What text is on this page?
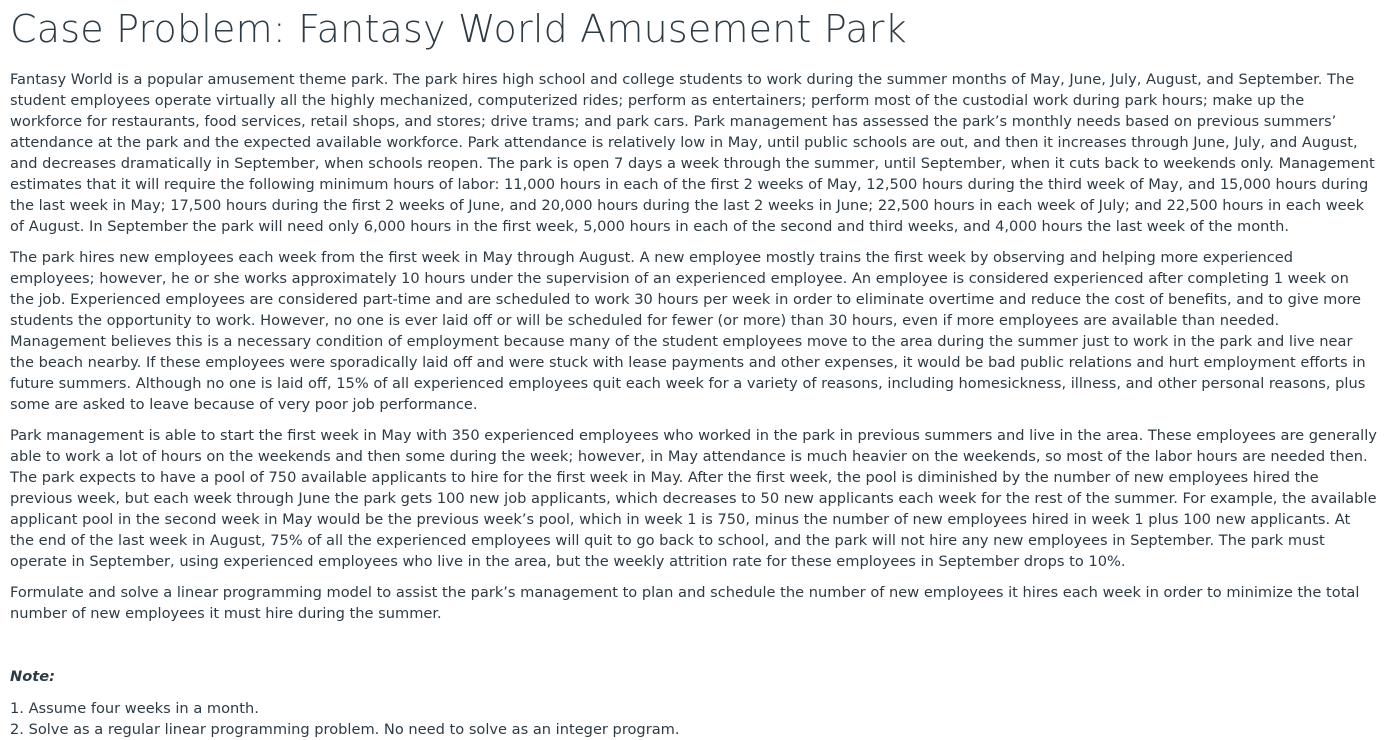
Case Problem: Fantasy World Amusement Park

Fantasy World is a popular amusement theme park. The park hires high school and college students to work during the summer months of May, June, July, August, and September. The student employees operate virtually all the highly mechanized, computerized rides; perform as entertainers; perform most of the custodial work during park hours; make up the workforce for restaurants, food services, retail shops, and stores; drive trams; and park cars. Park management has assessed the park’s monthly needs based on previous summers’ attendance at the park and the expected available workforce. Park attendance is relatively low in May, until public schools are out, and then it increases through June, July, and August, and decreases dramatically in September, when schools reopen. The park is open 7 days a week through the summer, until September, when it cuts back to weekends only. Management estimates that it will require the following minimum hours of labor: 11,000 hours in each of the first 2 weeks of May, 12,500 hours during the third week of May, and 15,000 hours during the last week in May; 17,500 hours during the first 2 weeks of June, and 20,000 hours during the last 2 weeks in June; 22,500 hours in each week of July; and 22,500 hours in each week of August. In September the park will need only 6,000 hours in the first week, 5,000 hours in each of the second and third weeks, and 4,000 hours the last week of the month.

The park hires new employees each week from the first week in May through August. A new employee mostly trains the first week by observing and helping more experienced employees; however, he or she works approximately 10 hours under the supervision of an experienced employee. An employee is considered experienced after completing 1 week on the job. Experienced employees are considered part-time and are scheduled to work 30 hours per week in order to eliminate overtime and reduce the cost of benefits, and to give more students the opportunity to work. However, no one is ever laid off or will be scheduled for fewer (or more) than 30 hours, even if more employees are available than needed. Management believes this is a necessary condition of employment because many of the student employees move to the area during the summer just to work in the park and live near the beach nearby. If these employees were sporadically laid off and were stuck with lease payments and other expenses, it would be bad public relations and hurt employment efforts in future summers. Although no one is laid off, 15% of all experienced employees quit each week for a variety of reasons, including homesickness, illness, and other personal reasons, plus some are asked to leave because of very poor job performance.

Park management is able to start the first week in May with 350 experienced employees who worked in the park in previous summers and live in the area. These employees are generally able to work a lot of hours on the weekends and then some during the week; however, in May attendance is much heavier on the weekends, so most of the labor hours are needed then. The park expects to have a pool of 750 available applicants to hire for the first week in May. After the first week, the pool is diminished by the number of new employees hired the previous week, but each week through June the park gets 100 new job applicants, which decreases to 50 new applicants each week for the rest of the summer. For example, the available applicant pool in the second week in May would be the previous week’s pool, which in week 1 is 750, minus the number of new employees hired in week 1 plus 100 new applicants. At the end of the last week in August, 75% of all the experienced employees will quit to go back to school, and the park will not hire any new employees in September. The park must operate in September, using experienced employees who live in the area, but the weekly attrition rate for these employees in September drops to 10%.

Formulate and solve a linear programming model to assist the park’s management to plan and schedule the number of new employees it hires each week in order to minimize the total number of new employees it must hire during the summer.

Note:

1. Assume four weeks in a month.
2. Solve as a regular linear programming problem. No need to solve as an integer program.
